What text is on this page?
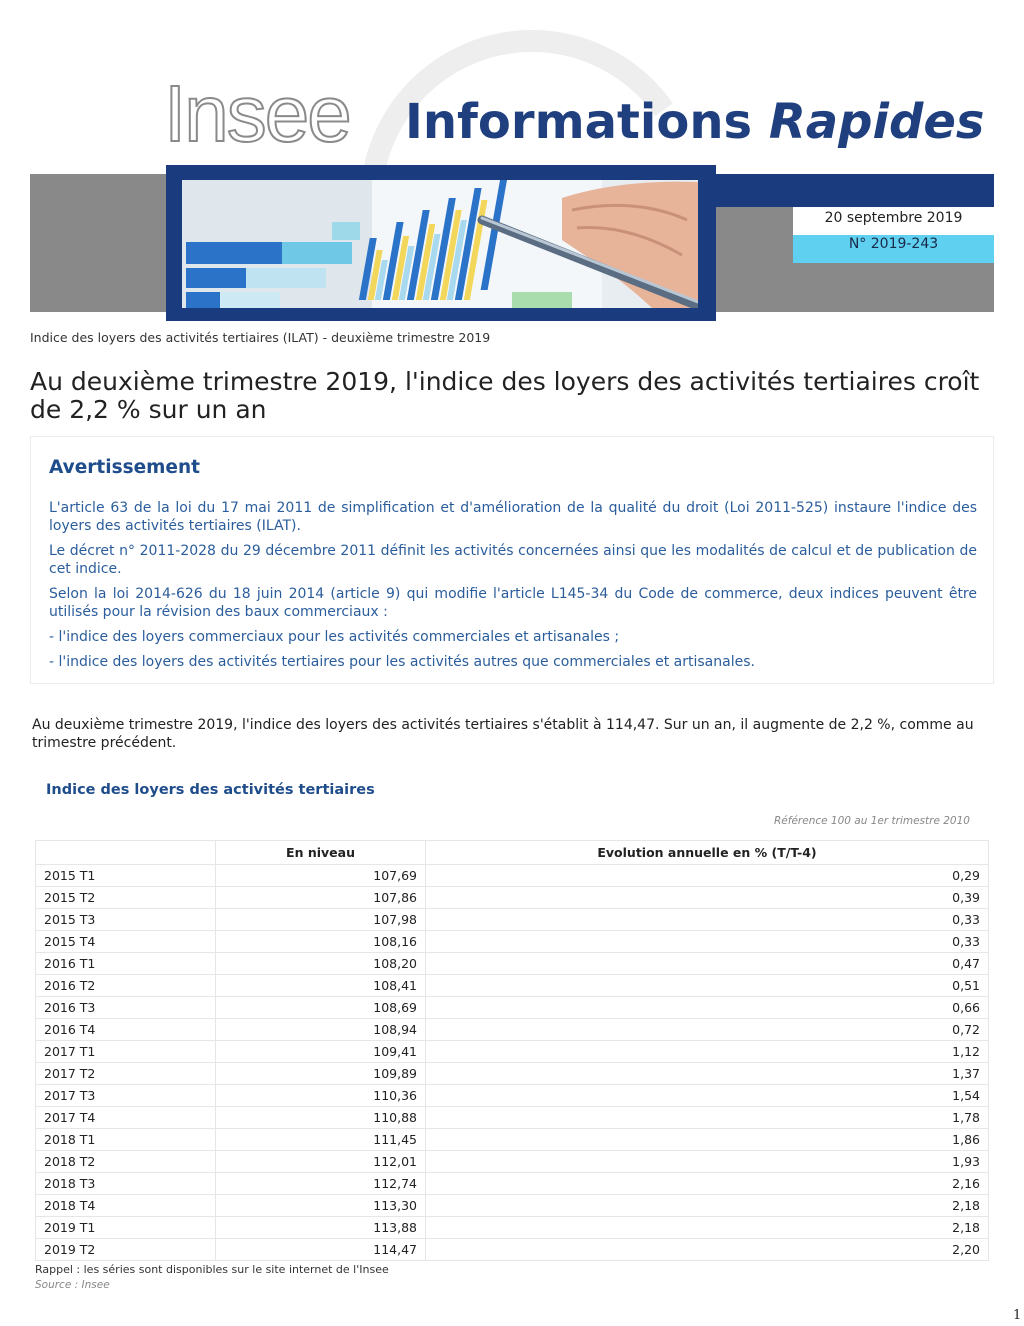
Insee Informations Rapides
20 septembre 2019
N° 2019-243
Indice des loyers des activités tertiaires (ILAT) - deuxième trimestre 2019
Au deuxième trimestre 2019, l'indice des loyers des activités tertiaires croît de 2,2 % sur un an
Avertissement
L'article 63 de la loi du 17 mai 2011 de simplification et d'amélioration de la qualité du droit (Loi 2011-525) instaure l'indice des loyers des activités tertiaires (ILAT).
Le décret n° 2011-2028 du 29 décembre 2011 définit les activités concernées ainsi que les modalités de calcul et de publication de cet indice.
Selon la loi 2014-626 du 18 juin 2014 (article 9) qui modifie l'article L145-34 du Code de commerce, deux indices peuvent être utilisés pour la révision des baux commerciaux :
- l'indice des loyers commerciaux pour les activités commerciales et artisanales ;
- l'indice des loyers des activités tertiaires pour les activités autres que commerciales et artisanales.
Au deuxième trimestre 2019, l'indice des loyers des activités tertiaires s'établit à 114,47. Sur un an, il augmente de 2,2 %, comme au trimestre précédent.
Indice des loyers des activités tertiaires
Référence 100 au 1er trimestre 2010
	En niveau	Evolution annuelle en % (T/T-4)
2015 T1	107,69	0,29
2015 T2	107,86	0,39
2015 T3	107,98	0,33
2015 T4	108,16	0,33
2016 T1	108,20	0,47
2016 T2	108,41	0,51
2016 T3	108,69	0,66
2016 T4	108,94	0,72
2017 T1	109,41	1,12
2017 T2	109,89	1,37
2017 T3	110,36	1,54
2017 T4	110,88	1,78
2018 T1	111,45	1,86
2018 T2	112,01	1,93
2018 T3	112,74	2,16
2018 T4	113,30	2,18
2019 T1	113,88	2,18
2019 T2	114,47	2,20
Rappel : les séries sont disponibles sur le site internet de l'Insee
Source : Insee
1
